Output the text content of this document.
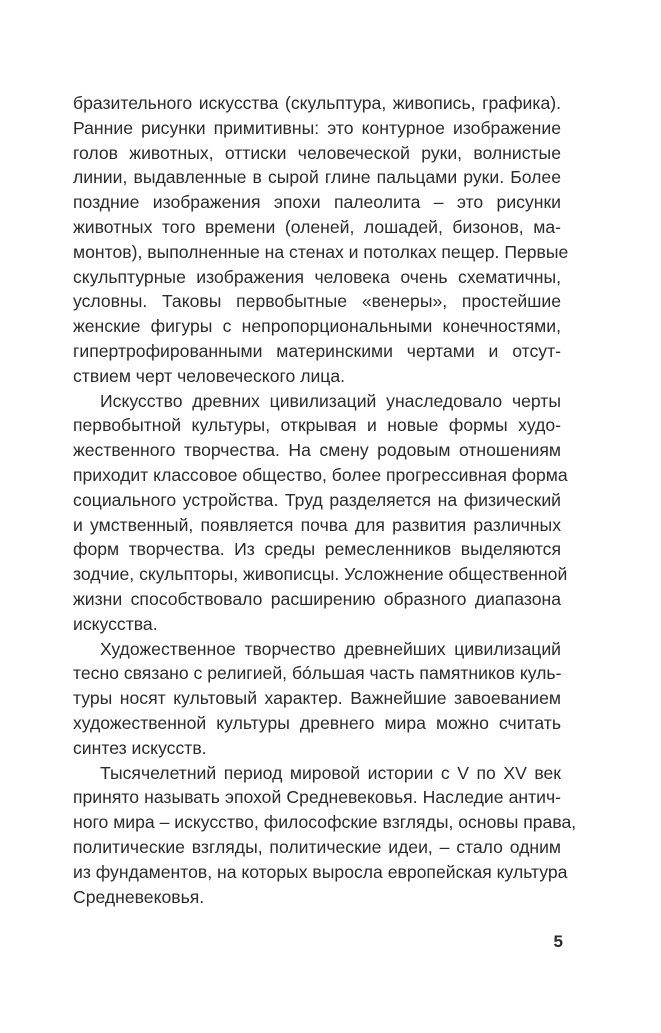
бразительного искусства (скульптура, живопись, графика).
Ранние рисунки примитивны: это контурное изображение
голов животных, оттиски человеческой руки, волнистые
линии, выдавленные в сырой глине пальцами руки. Более
поздние изображения эпохи палеолита – это рисунки
животных того времени (оленей, лошадей, бизонов, ма-
монтов), выполненные на стенах и потолках пещер. Первые
скульптурные изображения человека очень схематичны,
условны. Таковы первобытные «венеры», простейшие
женские фигуры с непропорциональными конечностями,
гипертрофированными материнскими чертами и отсут-
ствием черт человеческого лица.

Искусство древних цивилизаций унаследовало черты
первобытной культуры, открывая и новые формы худо-
жественного творчества. На смену родовым отношениям
приходит классовое общество, более прогрессивная форма
социального устройства. Труд разделяется на физический
и умственный, появляется почва для развития различных
форм творчества. Из среды ремесленников выделяются
зодчие, скульпторы, живописцы. Усложнение общественной
жизни способствовало расширению образного диапазона
искусства.

Художественное творчество древнейших цивилизаций
тесно связано с религией, бóльшая часть памятников куль-
туры носят культовый характер. Важнейшие завоеванием
художественной культуры древнего мира можно считать
синтез искусств.

Тысячелетний период мировой истории с V по XV век
принято называть эпохой Средневековья. Наследие антич-
ного мира – искусство, философские взгляды, основы права,
политические взгляды, политические идеи, – стало одним
из фундаментов, на которых выросла европейская культура
Средневековья.

5
